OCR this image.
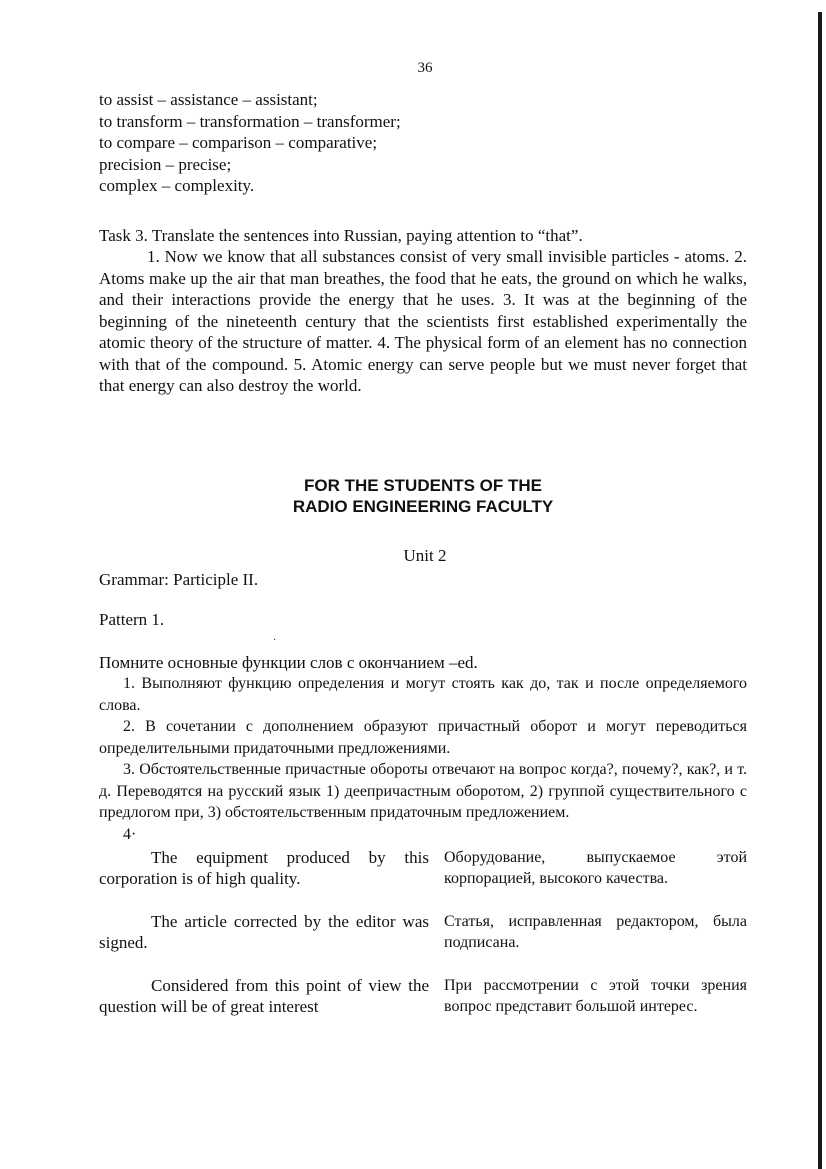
36
to assist – assistance – assistant;
to transform – transformation – transformer;
to compare – comparison – comparative;
precision – precise;
complex – complexity.
Task 3. Translate the sentences into Russian, paying attention to “that”.
1. Now we know that all substances consist of very small invisible particles - atoms. 2. Atoms make up the air that man breathes, the food that he eats, the ground on which he walks, and their interactions provide the energy that he uses. 3. It was at the beginning of the beginning of the nineteenth century that the scientists first established experimentally the atomic theory of the structure of matter. 4. The physical form of an element has no connection with that of the compound. 5. Atomic energy can serve people but we must never forget that that energy can also destroy the world.
FOR THE STUDENTS OF THE
RADIO ENGINEERING FACULTY
Unit 2
Grammar: Participle II.
Pattern 1.
·
Помните основные функции слов с окончанием –ed.
1. Выполняют функцию определения и могут стоять как до, так и после определяемого слова.
2. В сочетании с дополнением образуют причастный оборот и могут переводиться определительными придаточными предложениями.
3. Обстоятельственные причастные обороты отвечают на вопрос когда?, почему?, как?, и т. д. Переводятся на русский язык 1) деепричастным оборотом, 2) группой существительного с предлогом при, 3) обстоятельственным придаточным предложением.
4·
The equipment produced by this corporation is of high quality.
Оборудование, выпускаемое этой корпорацией, высокого качества.
The article corrected by the editor was signed.
Статья, исправленная редактором, была подписана.
Considered from this point of view the question will be of great interest
При рассмотрении с этой точки зрения вопрос представит большой интерес.
